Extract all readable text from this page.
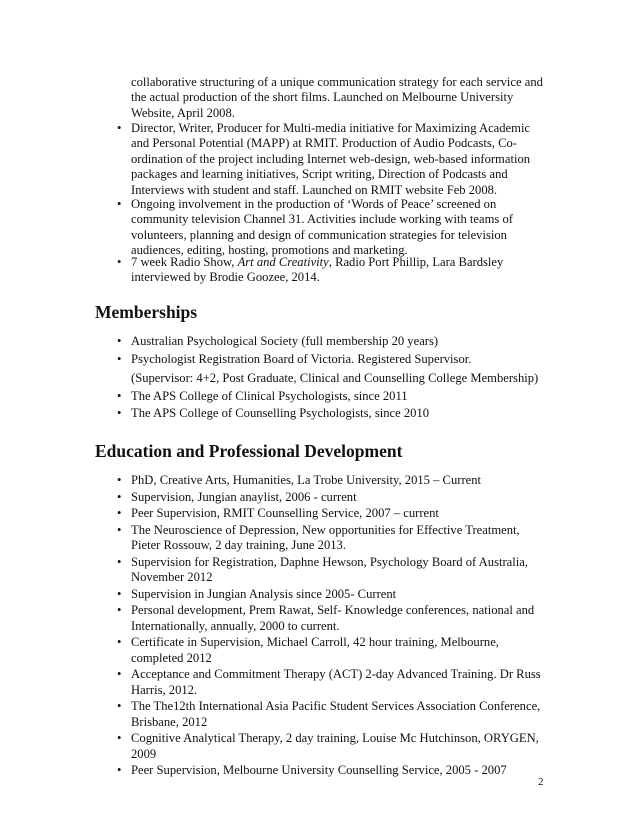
collaborative structuring of a unique communication strategy for each service and
the actual production of the short films. Launched on Melbourne University
Website, April 2008.
• Director, Writer, Producer for Multi-media initiative for Maximizing Academic
and Personal Potential (MAPP) at RMIT. Production of Audio Podcasts, Co-
ordination of the project including Internet web-design, web-based information
packages and learning initiatives, Script writing, Direction of Podcasts and
Interviews with student and staff. Launched on RMIT website Feb 2008.
• Ongoing involvement in the production of ‘Words of Peace’ screened on
community television Channel 31. Activities include working with teams of
volunteers, planning and design of communication strategies for television
audiences, editing, hosting, promotions and marketing.
• 7 week Radio Show, Art and Creativity, Radio Port Phillip, Lara Bardsley
interviewed by Brodie Goozee, 2014.
Memberships
• Australian Psychological Society (full membership 20 years)
• Psychologist Registration Board of Victoria. Registered Supervisor.
(Supervisor: 4+2, Post Graduate, Clinical and Counselling College Membership)
• The APS College of Clinical Psychologists, since 2011
• The APS College of Counselling Psychologists, since 2010
Education and Professional Development
• PhD, Creative Arts, Humanities, La Trobe University, 2015 – Current
• Supervision, Jungian anaylist, 2006 - current
• Peer Supervision, RMIT Counselling Service, 2007 – current
• The Neuroscience of Depression, New opportunities for Effective Treatment,
Pieter Rossouw, 2 day training, June 2013.
• Supervision for Registration, Daphne Hewson, Psychology Board of Australia,
November 2012
• Supervision in Jungian Analysis since 2005- Current
• Personal development, Prem Rawat, Self- Knowledge conferences, national and
Internationally, annually, 2000 to current.
• Certificate in Supervision, Michael Carroll, 42 hour training, Melbourne,
completed 2012
• Acceptance and Commitment Therapy (ACT) 2-day Advanced Training. Dr Russ
Harris, 2012.
• The The12th International Asia Pacific Student Services Association Conference,
Brisbane, 2012
• Cognitive Analytical Therapy, 2 day training, Louise Mc Hutchinson, ORYGEN,
2009
• Peer Supervision, Melbourne University Counselling Service, 2005 - 2007
2
